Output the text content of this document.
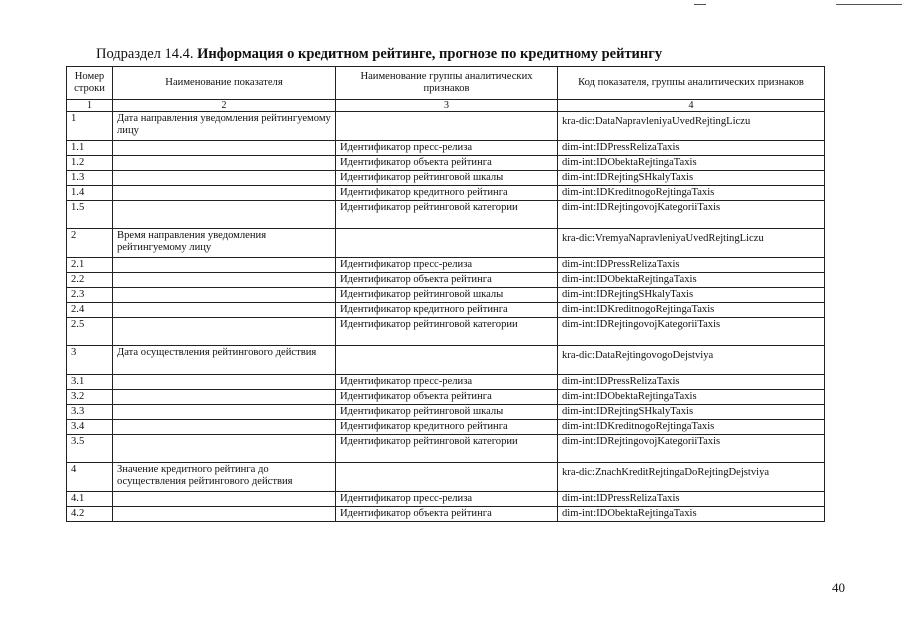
Подраздел 14.4. Информация о кредитном рейтинге, прогнозе по кредитному рейтингу
Номер строки	Наименование показателя	Наименование группы аналитических признаков	Код показателя, группы аналитических признаков
1	2	3	4
1	Дата направления уведомления рейтингуемому лицу		kra-dic:DataNapravleniyaUvedRejtingLiczu
1.1		Идентификатор пресс-релиза	dim-int:IDPressRelizaTaxis
1.2		Идентификатор объекта рейтинга	dim-int:IDObektaRejtingaTaxis
1.3		Идентификатор рейтинговой шкалы	dim-int:IDRejtingSHkalyTaxis
1.4		Идентификатор кредитного рейтинга	dim-int:IDKreditnogoRejtingaTaxis
1.5		Идентификатор рейтинговой категории	dim-int:IDRejtingovojKategoriiTaxis
2	Время направления уведомления рейтингуемому лицу		kra-dic:VremyaNapravleniyaUvedRejtingLiczu
2.1		Идентификатор пресс-релиза	dim-int:IDPressRelizaTaxis
2.2		Идентификатор объекта рейтинга	dim-int:IDObektaRejtingaTaxis
2.3		Идентификатор рейтинговой шкалы	dim-int:IDRejtingSHkalyTaxis
2.4		Идентификатор кредитного рейтинга	dim-int:IDKreditnogoRejtingaTaxis
2.5		Идентификатор рейтинговой категории	dim-int:IDRejtingovojKategoriiTaxis
3	Дата осуществления рейтингового действия		kra-dic:DataRejtingovogoDejstviya
3.1		Идентификатор пресс-релиза	dim-int:IDPressRelizaTaxis
3.2		Идентификатор объекта рейтинга	dim-int:IDObektaRejtingaTaxis
3.3		Идентификатор рейтинговой шкалы	dim-int:IDRejtingSHkalyTaxis
3.4		Идентификатор кредитного рейтинга	dim-int:IDKreditnogoRejtingaTaxis
3.5		Идентификатор рейтинговой категории	dim-int:IDRejtingovojKategoriiTaxis
4	Значение кредитного рейтинга до осуществления рейтингового действия		kra-dic:ZnachKreditRejtingaDoRejtingDejstviya
4.1		Идентификатор пресс-релиза	dim-int:IDPressRelizaTaxis
4.2		Идентификатор объекта рейтинга	dim-int:IDObektaRejtingaTaxis
40
